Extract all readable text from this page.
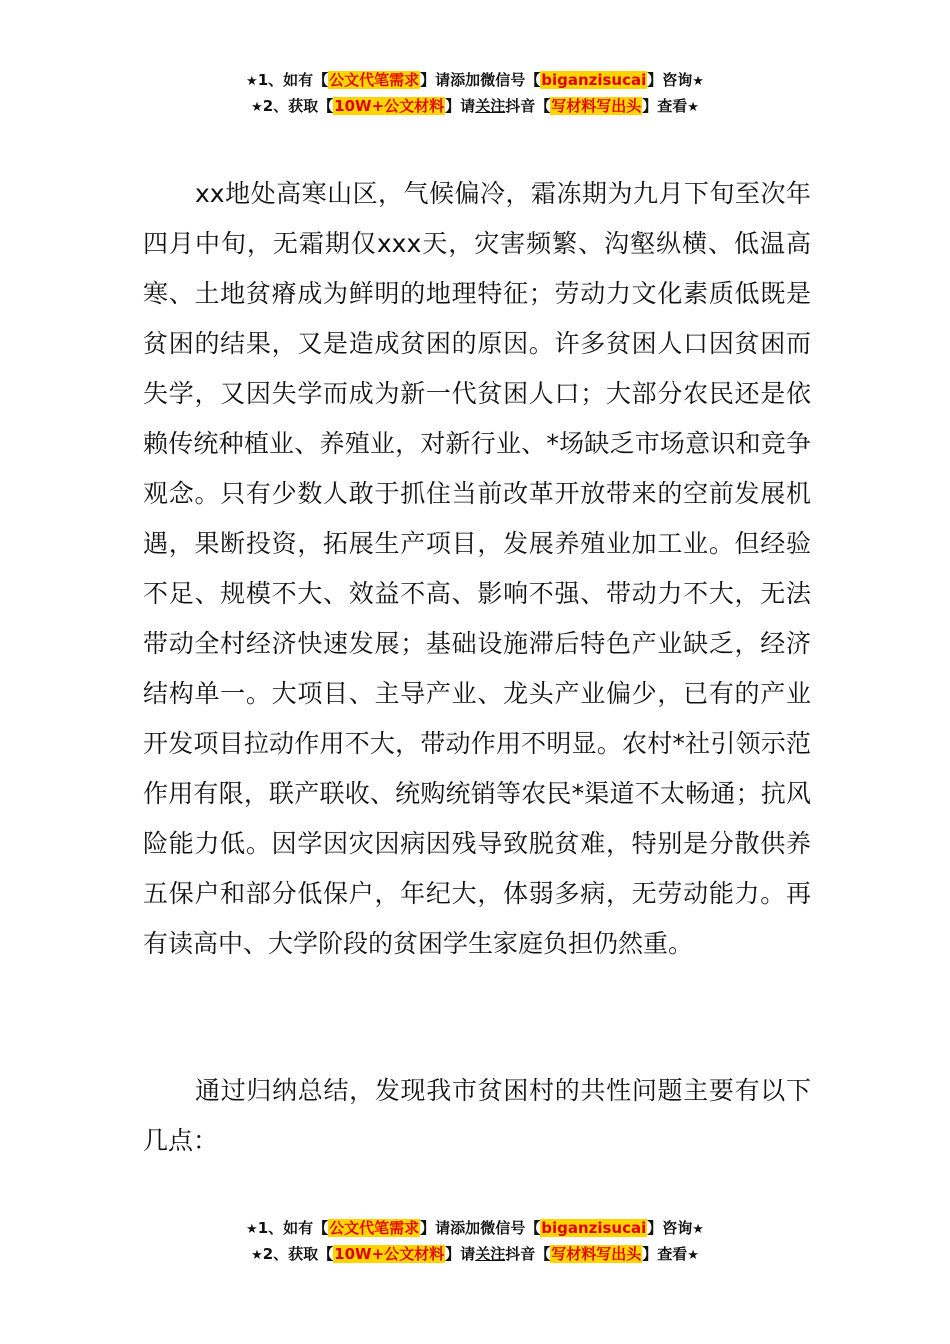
★1、如有【公文代笔需求】请添加微信号【biganzisucai】咨询★
★2、获取【10W+公文材料】请关注抖音【写材料写出头】查看★

xx地处高寒山区，气候偏冷，霜冻期为九月下旬至次年四月中旬，无霜期仅xxx天，灾害频繁、沟壑纵横、低温高寒、土地贫瘠成为鲜明的地理特征；劳动力文化素质低既是贫困的结果，又是造成贫困的原因。许多贫困人口因贫困而失学，又因失学而成为新一代贫困人口；大部分农民还是依赖传统种植业、养殖业，对新行业、*场缺乏市场意识和竞争观念。只有少数人敢于抓住当前改革开放带来的空前发展机遇，果断投资，拓展生产项目，发展养殖业加工业。但经验不足、规模不大、效益不高、影响不强、带动力不大，无法带动全村经济快速发展；基础设施滞后特色产业缺乏，经济结构单一。大项目、主导产业、龙头产业偏少，已有的产业开发项目拉动作用不大，带动作用不明显。农村*社引领示范作用有限，联产联收、统购统销等农民*渠道不太畅通；抗风险能力低。因学因灾因病因残导致脱贫难，特别是分散供养五保户和部分低保户，年纪大，体弱多病，无劳动能力。再有读高中、大学阶段的贫困学生家庭负担仍然重。

通过归纳总结，发现我市贫困村的共性问题主要有以下几点：

★1、如有【公文代笔需求】请添加微信号【biganzisucai】咨询★
★2、获取【10W+公文材料】请关注抖音【写材料写出头】查看★
